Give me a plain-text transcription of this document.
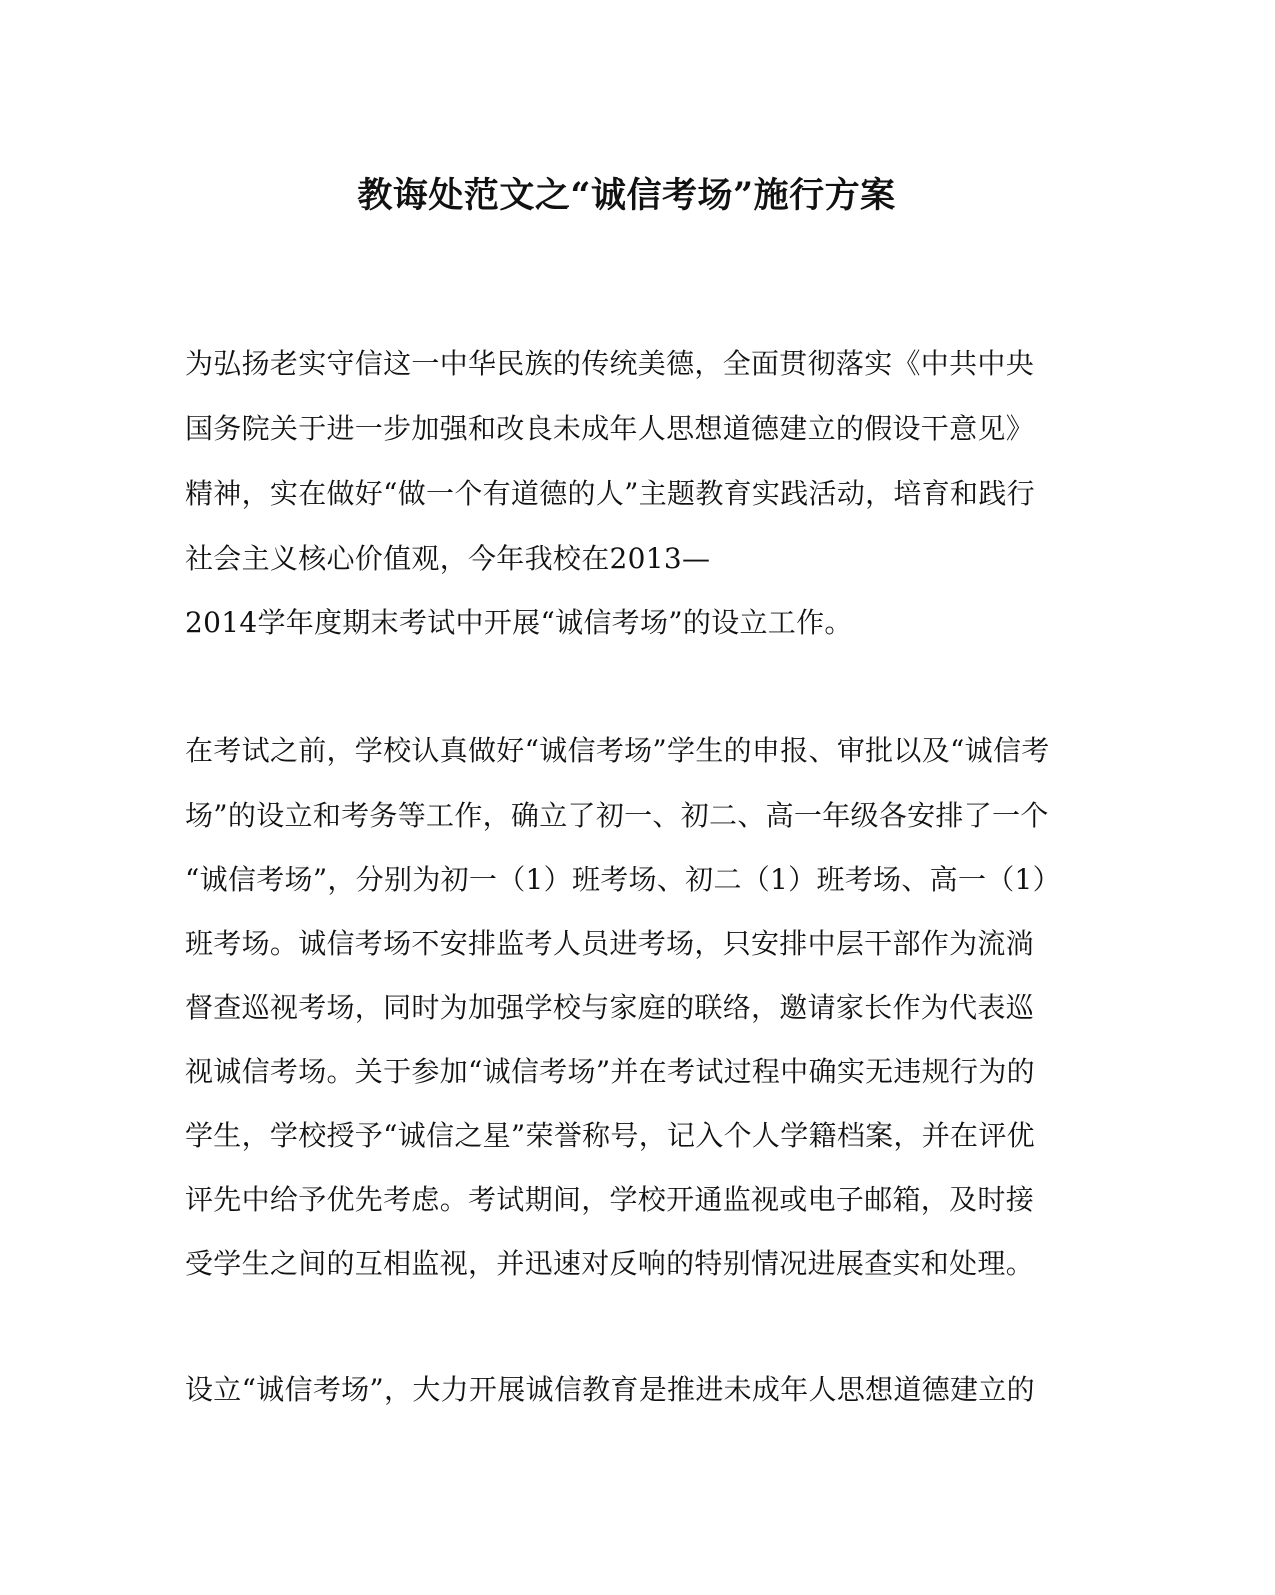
教诲处范文之“诚信考场”施行方案
为弘扬老实守信这一中华民族的传统美德，全面贯彻落实《中共中央
国务院关于进一步加强和改良未成年人思想道德建立的假设干意见》
精神，实在做好“做一个有道德的人”主题教育实践活动，培育和践行
社会主义核心价值观，今年我校在2013—
2014学年度期末考试中开展“诚信考场”的设立工作。
在考试之前，学校认真做好“诚信考场”学生的申报、审批以及“诚信考
场”的设立和考务等工作，确立了初一、初二、高一年级各安排了一个
“诚信考场”，分别为初一（1）班考场、初二（1）班考场、高一（1）
班考场。诚信考场不安排监考人员进考场，只安排中层干部作为流淌
督查巡视考场，同时为加强学校与家庭的联络，邀请家长作为代表巡
视诚信考场。关于参加“诚信考场”并在考试过程中确实无违规行为的
学生，学校授予“诚信之星”荣誉称号，记入个人学籍档案，并在评优
评先中给予优先考虑。考试期间，学校开通监视或电子邮箱，及时接
受学生之间的互相监视，并迅速对反响的特别情况进展查实和处理。
设立“诚信考场”，大力开展诚信教育是推进未成年人思想道德建立的
